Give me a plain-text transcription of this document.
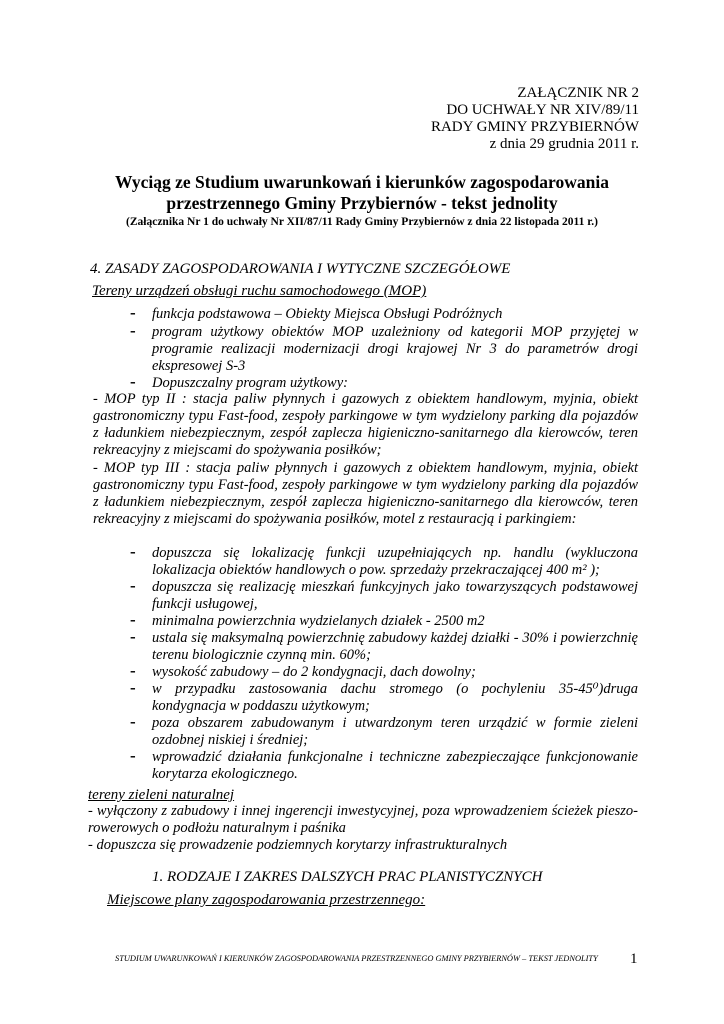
ZAŁĄCZNIK NR 2
DO UCHWAŁY NR XIV/89/11
RADY GMINY PRZYBIERNÓW
z dnia 29 grudnia 2011 r.
Wyciąg ze Studium uwarunkowań i kierunków zagospodarowania
przestrzennego Gminy Przybiernów - tekst jednolity
(Załącznika Nr 1 do uchwały Nr XII/87/11 Rady Gminy Przybiernów z dnia 22 listopada 2011 r.)
4. ZASADY ZAGOSPODAROWANIA I WYTYCZNE SZCZEGÓŁOWE
Tereny urządzeń obsługi ruchu samochodowego (MOP)
- funkcja podstawowa – Obiekty Miejsca Obsługi Podróżnych
- program użytkowy obiektów MOP uzależniony od kategorii MOP przyjętej w programie realizacji modernizacji drogi krajowej Nr 3 do parametrów drogi ekspresowej S-3
- Dopuszczalny program użytkowy:
- MOP typ II : stacja paliw płynnych i gazowych z obiektem handlowym, myjnia, obiekt gastronomiczny typu Fast-food, zespoły parkingowe w tym wydzielony parking dla pojazdów z ładunkiem niebezpiecznym, zespół zaplecza higieniczno-sanitarnego dla kierowców, teren rekreacyjny z miejscami do spożywania posiłków;
- MOP typ III : stacja paliw płynnych i gazowych z obiektem handlowym, myjnia, obiekt gastronomiczny typu Fast-food, zespoły parkingowe w tym wydzielony parking dla pojazdów z ładunkiem niebezpiecznym, zespół zaplecza higieniczno-sanitarnego dla kierowców, teren rekreacyjny z miejscami do spożywania posiłków, motel z restauracją i parkingiem:
- dopuszcza się lokalizację funkcji uzupełniających np. handlu (wykluczona lokalizacja obiektów handlowych o pow. sprzedaży przekraczającej 400 m² );
- dopuszcza się realizację mieszkań funkcyjnych jako towarzyszących podstawowej funkcji usługowej,
- minimalna powierzchnia wydzielanych działek - 2500 m2
- ustala się maksymalną powierzchnię zabudowy każdej działki - 30% i powierzchnię terenu biologicznie czynną min. 60%;
- wysokość zabudowy – do 2 kondygnacji, dach dowolny;
- w przypadku zastosowania dachu stromego (o pochyleniu 35-45⁰)druga kondygnacja w poddaszu użytkowym;
- poza obszarem zabudowanym i utwardzonym teren urządzić w formie zieleni ozdobnej niskiej i średniej;
- wprowadzić działania funkcjonalne i techniczne zabezpieczające funkcjonowanie korytarza ekologicznego.
tereny zieleni naturalnej
- wyłączony z zabudowy i innej ingerencji inwestycyjnej, poza wprowadzeniem ścieżek pieszo-rowerowych o podłożu naturalnym i paśnika
- dopuszcza się prowadzenie podziemnych korytarzy infrastrukturalnych
1. RODZAJE I ZAKRES DALSZYCH PRAC PLANISTYCZNYCH
Miejscowe plany zagospodarowania przestrzennego:
STUDIUM UWARUNKOWAŃ I KIERUNKÓW ZAGOSPODAROWANIA PRZESTRZENNEGO GMINY PRZYBIERNÓW – TEKST JEDNOLITY 1
